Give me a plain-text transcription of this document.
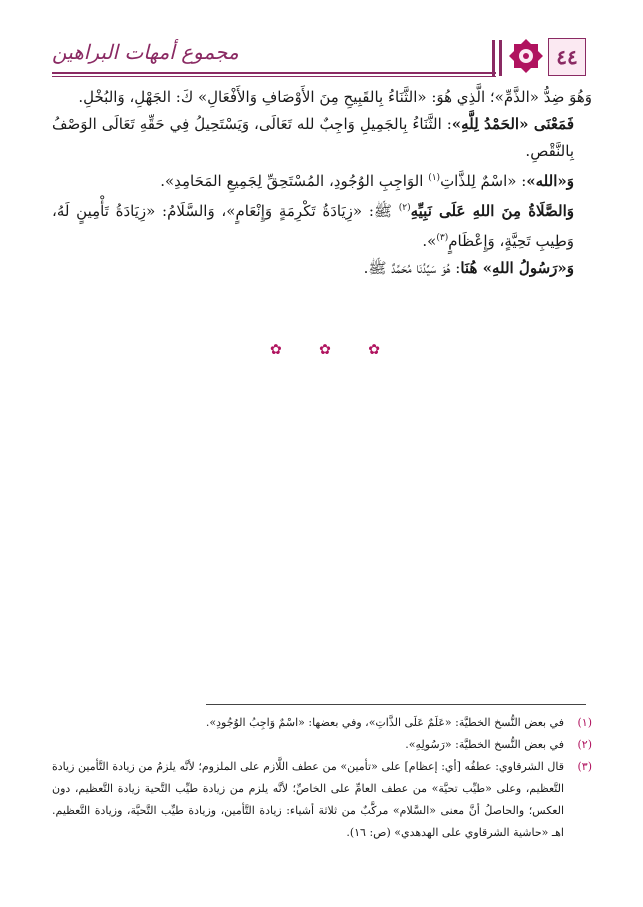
٤٤
مجموع أمهات البراهين

وَهُوَ ضِدُّ «الذَّمِّ»؛ الَّذِي هُوَ: «الثَّنَاءُ بِالقَبِيحِ مِنَ الأَوْصَافِ وَالأَفْعَالِ» كَ: الجَهْلِ، وَالبُخْلِ.

فَمَعْنَى «الحَمْدُ لِلَّهِ»: الثَّنَاءُ بِالجَمِيلِ وَاجِبٌ لله تَعَالَى، وَيَسْتَحِيلُ فِي حَقِّهِ تَعَالَى الوَصْفُ بِالنَّقْصِ.

وَ«الله»: «اسْمٌ لِلذَّاتِ$^{(١)}$ الوَاجِبِ الوُجُودِ، المُسْتَحِقِّ لِجَمِيعِ المَحَامِدِ».

وَالصَّلَاةُ مِنَ اللهِ عَلَى نَبِيِّهِ$^{(٢)}$ ﷺ: «زِيَادَةُ تَكْرِمَةٍ وَإِنْعَامٍ»، وَالسَّلَامُ: «زِيَادَةُ تَأْمِينٍ لَهُ، وَطِيبِ تَحِيَّةٍ، وَإِعْظَامٍ$^{(٣)}$».

وَ«رَسُولُ اللهِ» هُنَا: هُوَ سَيِّدُنَا مُحَمَّدٌ ﷺ.

✿	✿	✿

(١)
في بعض النُّسخ الخطيَّة: «عَلَمٌ عَلَى الذَّاتِ»، وفي بعضها: «اسْمٌ وَاجِبُ الوُجُودِ».

(٢)
في بعض النُّسخ الخطيَّة: «رَسُولِهِ».

(٣)
قال الشرقاوي: عطفُه [أي: إعظام] على «تأمين» من عطف اللَّازم على الملزوم؛ لأنَّه يلزمُ من زيادة التَّأمين زيادة التَّعظيم، وعلى «طيِّب تحيَّة» من عطف العامِّ على الخاصِّ؛ لأنَّه يلزم من زيادة طيِّب التَّحية زيادة التَّعظيم، دون العكس؛ والحاصلُ أنَّ معنى «السَّلام» مركَّبٌ من ثلاثة أشياء: زيادة التَّأمين، وزيادة طيِّب التَّحيَّة، وزيادة التَّعظيم. اهـ «حاشية الشرقاوي على الهدهدي» (ص: ١٦).
